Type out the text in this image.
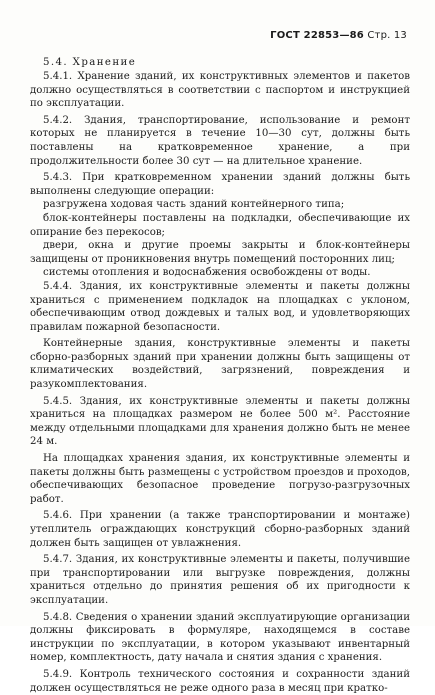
ГОСТ 22853—86 Стр. 13
5.4. Хранение

5.4.1. Хранение зданий, их конструктивных элементов и пакетов должно осуществляться в соответствии с паспортом и инструкцией по эксплуатации.

5.4.2. Здания, транспортирование, использование и ремонт которых не планируется в течение 10—30 сут, должны быть поставлены на кратковременное хранение, а при продолжительности более 30 сут — на длительное хранение.

5.4.3. При кратковременном хранении зданий должны быть выполнены следующие операции:

разгружена ходовая часть зданий контейнерного типа;

блок-контейнеры поставлены на подкладки, обеспечивающие их опирание без перекосов;

двери, окна и другие проемы закрыты и блок-контейнеры защищены от проникновения внутрь помещений посторонних лиц;

системы отопления и водоснабжения освобождены от воды.

5.4.4. Здания, их конструктивные элементы и пакеты должны храниться с применением подкладок на площадках с уклоном, обеспечивающим отвод дождевых и талых вод, и удовлетворяющих правилам пожарной безопасности.

Контейнерные здания, конструктивные элементы и пакеты сборно-разборных зданий при хранении должны быть защищены от климатических воздействий, загрязнений, повреждения и разукомплектования.

5.4.5. Здания, их конструктивные элементы и пакеты должны храниться на площадках размером не более 500 м². Расстояние между отдельными площадками для хранения должно быть не менее 24 м.

На площадках хранения здания, их конструктивные элементы и пакеты должны быть размещены с устройством проездов и проходов, обеспечивающих безопасное проведение погрузо-разгрузочных работ.

5.4.6. При хранении (а также транспортировании и монтаже) утеплитель ограждающих конструкций сборно-разборных зданий должен быть защищен от увлажнения.

5.4.7. Здания, их конструктивные элементы и пакеты, получившие при транспортировании или выгрузке повреждения, должны храниться отдельно до принятия решения об их пригодности к эксплуатации.

5.4.8. Сведения о хранении зданий эксплуатирующие организации должны фиксировать в формуляре, находящемся в составе инструкции по эксплуатации, в котором указывают инвентарный номер, комплектность, дату начала и снятия здания с хранения.

5.4.9. Контроль технического состояния и сохранности зданий должен осуществляться не реже одного раза в месяц при кратко-
